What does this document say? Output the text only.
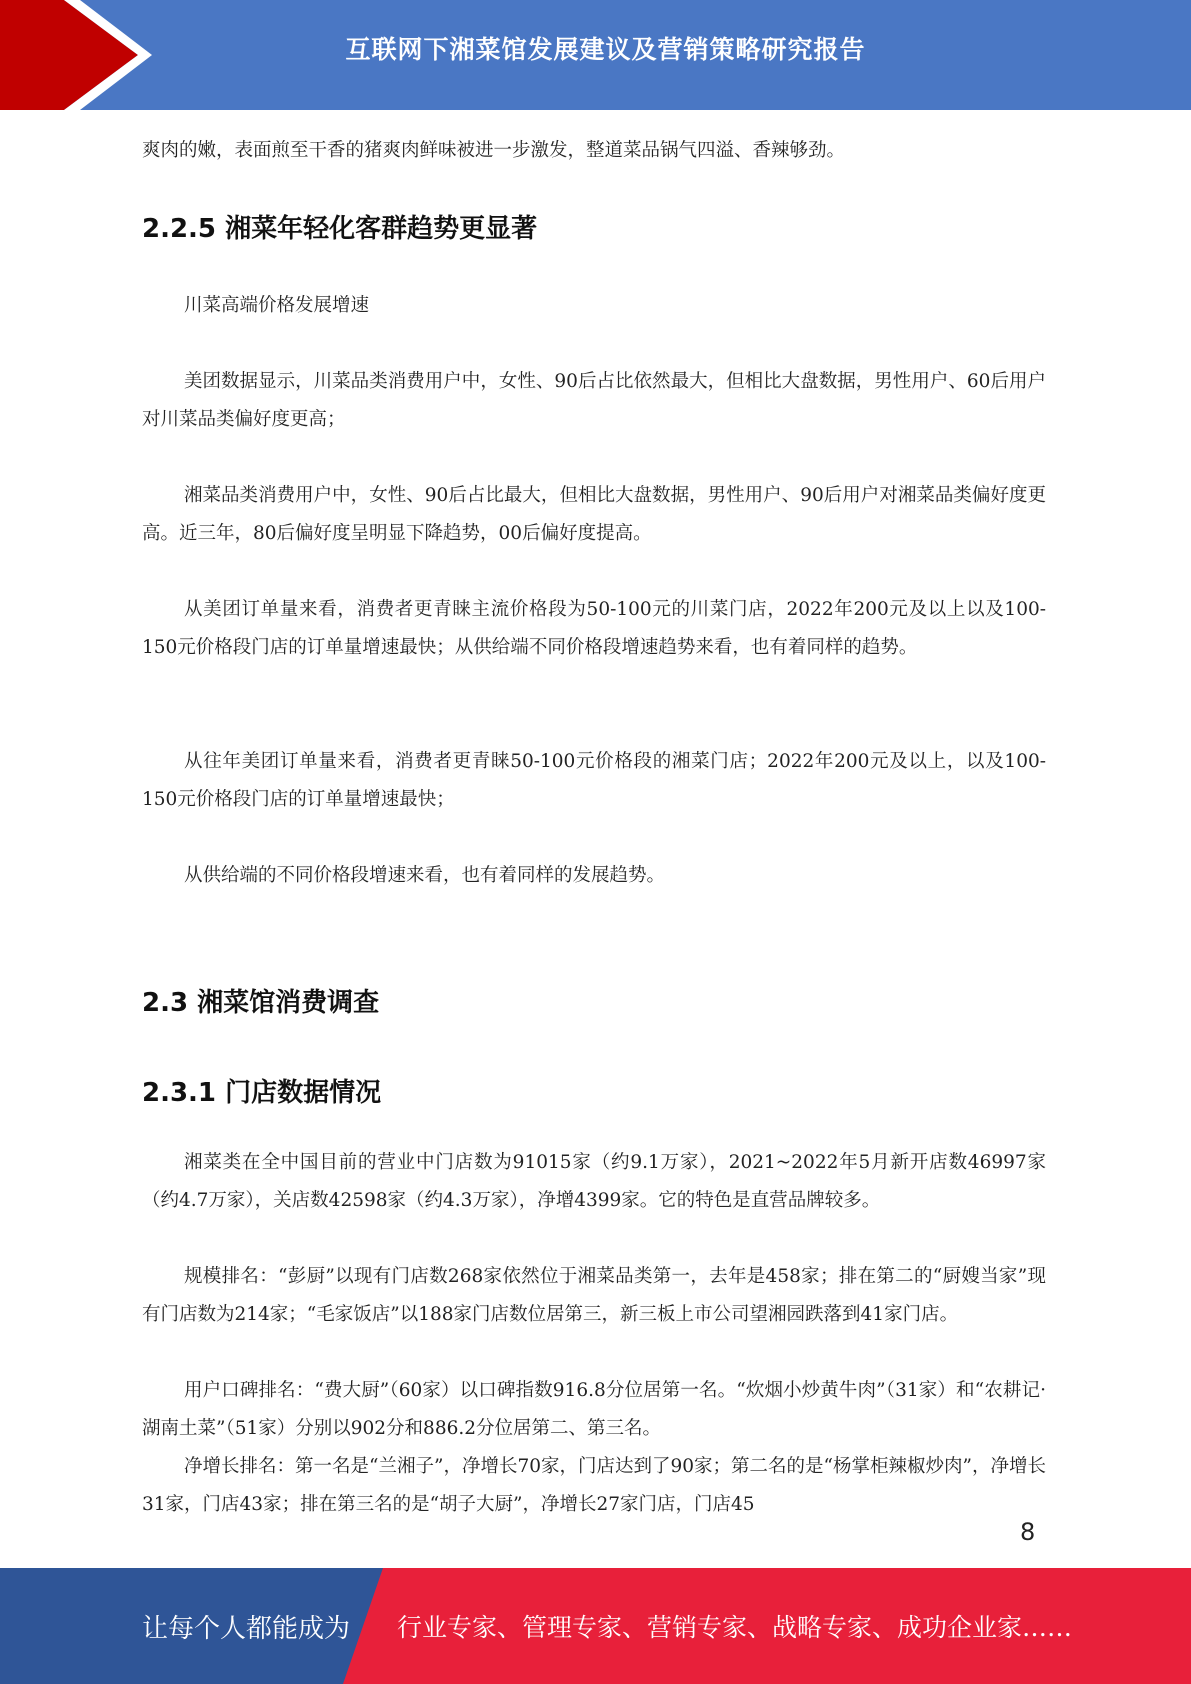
互联网下湘菜馆发展建议及营销策略研究报告

爽肉的嫩，表面煎至干香的猪爽肉鲜味被进一步激发，整道菜品锅气四溢、香辣够劲。

2.2.5 湘菜年轻化客群趋势更显著

川菜高端价格发展增速

美团数据显示，川菜品类消费用户中，女性、90后占比依然最大，但相比大盘数据，男性用户、60后用户对川菜品类偏好度更高；

湘菜品类消费用户中，女性、90后占比最大，但相比大盘数据，男性用户、90后用户对湘菜品类偏好度更高。近三年，80后偏好度呈明显下降趋势，00后偏好度提高。

从美团订单量来看，消费者更青睐主流价格段为50-100元的川菜门店，2022年200元及以上以及100-150元价格段门店的订单量增速最快；从供给端不同价格段增速趋势来看，也有着同样的趋势。

从往年美团订单量来看，消费者更青睐50-100元价格段的湘菜门店；2022年200元及以上，以及100-150元价格段门店的订单量增速最快；

从供给端的不同价格段增速来看，也有着同样的发展趋势。

2.3 湘菜馆消费调查
2.3.1 门店数据情况

湘菜类在全中国目前的营业中门店数为91015家（约9.1万家），2021~2022年5月新开店数46997家（约4.7万家），关店数42598家（约4.3万家），净增4399家。它的特色是直营品牌较多。

规模排名：“彭厨”以现有门店数268家依然位于湘菜品类第一，去年是458家；排在第二的“厨嫂当家”现有门店数为214家；“毛家饭店”以188家门店数位居第三，新三板上市公司望湘园跌落到41家门店。

用户口碑排名：“费大厨”（60家）以口碑指数916.8分位居第一名。“炊烟小炒黄牛肉”（31家）和“农耕记·湖南土菜”（51家）分别以902分和886.2分位居第二、第三名。

净增长排名：第一名是“兰湘子”，净增长70家，门店达到了90家；第二名的是“杨掌柜辣椒炒肉”，净增长31家，门店43家；排在第三名的是“胡子大厨”，净增长27家门店，门店45

8
让每个人都能成为 行业专家、管理专家、营销专家、战略专家、成功企业家……
